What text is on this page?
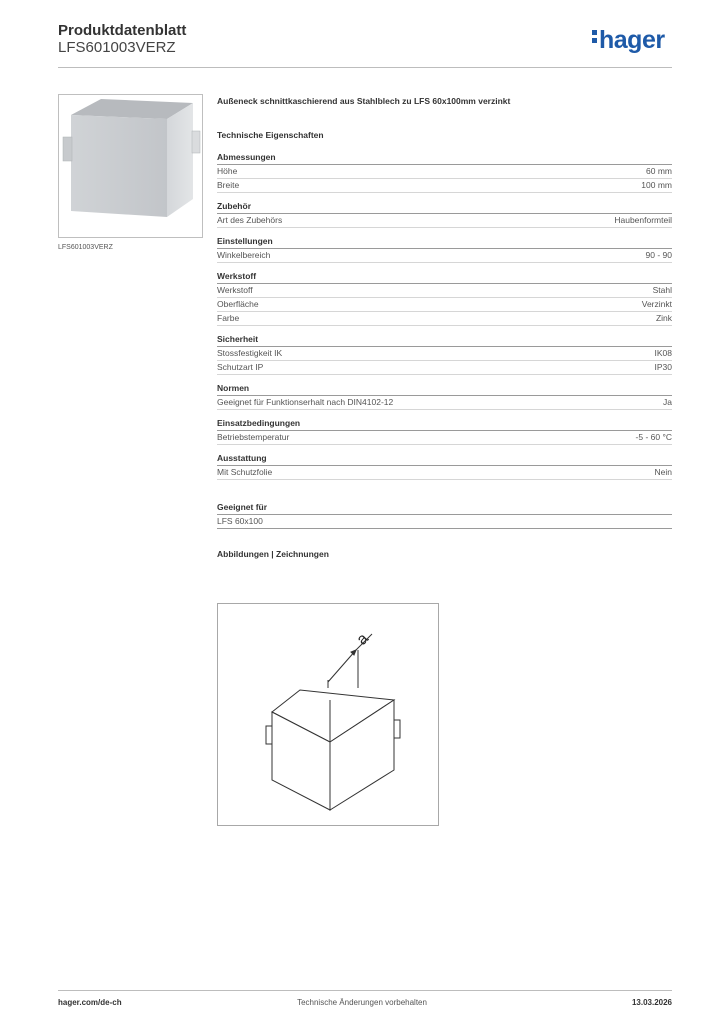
Produktdatenblatt
LFS601003VERZ	hager
LFS601003VERZ
Außeneck schnittkaschierend aus Stahlblech zu LFS 60x100mm verzinkt
Technische Eigenschaften
Abmessungen
Höhe	60 mm
Breite	100 mm
Zubehör
Art des Zubehörs	Haubenformteil
Einstellungen
Winkelbereich	90 - 90
Werkstoff
Werkstoff	Stahl
Oberfläche	Verzinkt
Farbe	Zink
Sicherheit
Stossfestigkeit IK	IK08
Schutzart IP	IP30
Normen
Geeignet für Funktionserhalt nach DIN4102-12	Ja
Einsatzbedingungen
Betriebstemperatur	-5 - 60 °C
Ausstattung
Mit Schutzfolie	Nein
Geeignet für
LFS 60x100
Abbildungen | Zeichnungen
a
hager.com/de-ch	Technische Änderungen vorbehalten	13.03.2026
